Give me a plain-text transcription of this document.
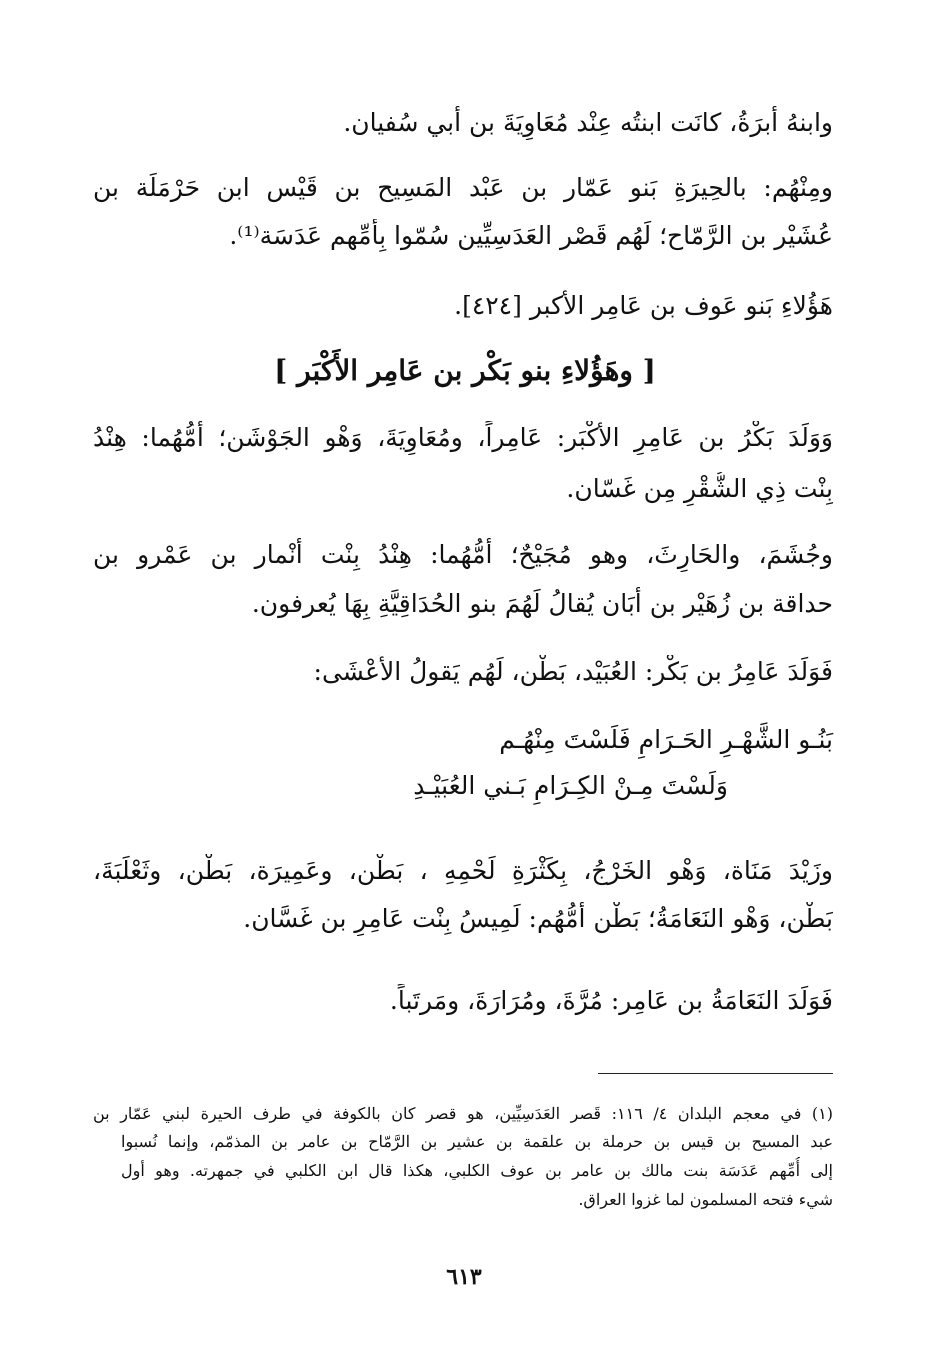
وابنهُ أبرَةُ، كانَت ابنتُه عِنْد مُعَاوِيَةَ بن أَبي سُفيان.
ومِنْهُم: بالحِيرَةِ بَنو عَمّار بن عَبْد المَسِيح بن قَيْس ابن حَرْمَلَة بن
عُشَيْر بن الرَّمّاح؛ لَهُم قَصْر العَدَسِيِّين سُمّوا بِأُمِّهم عَدَسَة⁽¹⁾.
هَؤُلاءِ بَنو عَوف بن عَامِر الأكبر [٤٢٤].
[ وهَؤُلاءِ بنو بَكْر بن عَامِر الأَكْبَر ]
وَوَلَدَ بَكْرُ بن عَامِرِ الأكْبَر: عَامِراً، ومُعَاوِيَةَ، وَهْو الجَوْشَن؛ أُمُّهُما: هِنْدُ
بِنْت ذِي الشُّقْرِ مِن غَسّان.
وجُشَمَ، والحَارِثَ، وهو مُجَيْحٌ؛ أُمُّهُما: هِنْدُ بِنْت أَنْمار بن عَمْرو بن
حداقة بن زُهَيْر بن أَبَان يُقالُ لَهُمَ بنو الحُدَاقِيَّةِ بِهَا يُعرفون.
فَوَلَدَ عَامِرُ بن بَكْر: العُبَيْد، بَطْن، لَهُم يَقولُ الأَعْشَى:
بَنُـو الشَّهْـرِ الحَـرَامِ فَلَسْتَ مِنْهُـم
وَلَسْتَ مِـنْ الكِـرَامِ بَـني العُبَيْـدِ
وزَيْدَ مَنَاة، وَهْو الخَرْجُ، بِكَثْرَةِ لَحْمِهِ ، بَطْن، وعَمِيرَة، بَطْن، وثَعْلَبَةَ،
بَطْن، وَهْو النَعَامَةُ؛ بَطْن أُمُّهُم: لَمِيسُ بِنْت عَامِرِ بن غَسَّان.
فَوَلَدَ النَعَامَةُ بن عَامِر: مُرَّةَ، ومُرَارَةَ، ومَرتَباً.
(١) في معجم البلدان ٤/ ١١٦: قَصر العَدَسِيِّين، هو قصر كان بالكوفة في طرف الحيرة لبني عَمّار بن
عبد المسيح بن قيس بن حرملة بن علقمة بن عشير بن الرَّمّاح بن عامر بن المذمّم، وإنما نُسبوا
إلى أُمِّهم عَدَسَة بنت مالك بن عامر بن عوف الكلبي، هكذا قال ابن الكلبي في جمهرته. وهو أول
شيء فتحه المسلمون لما غزوا العراق.
٦١٣
